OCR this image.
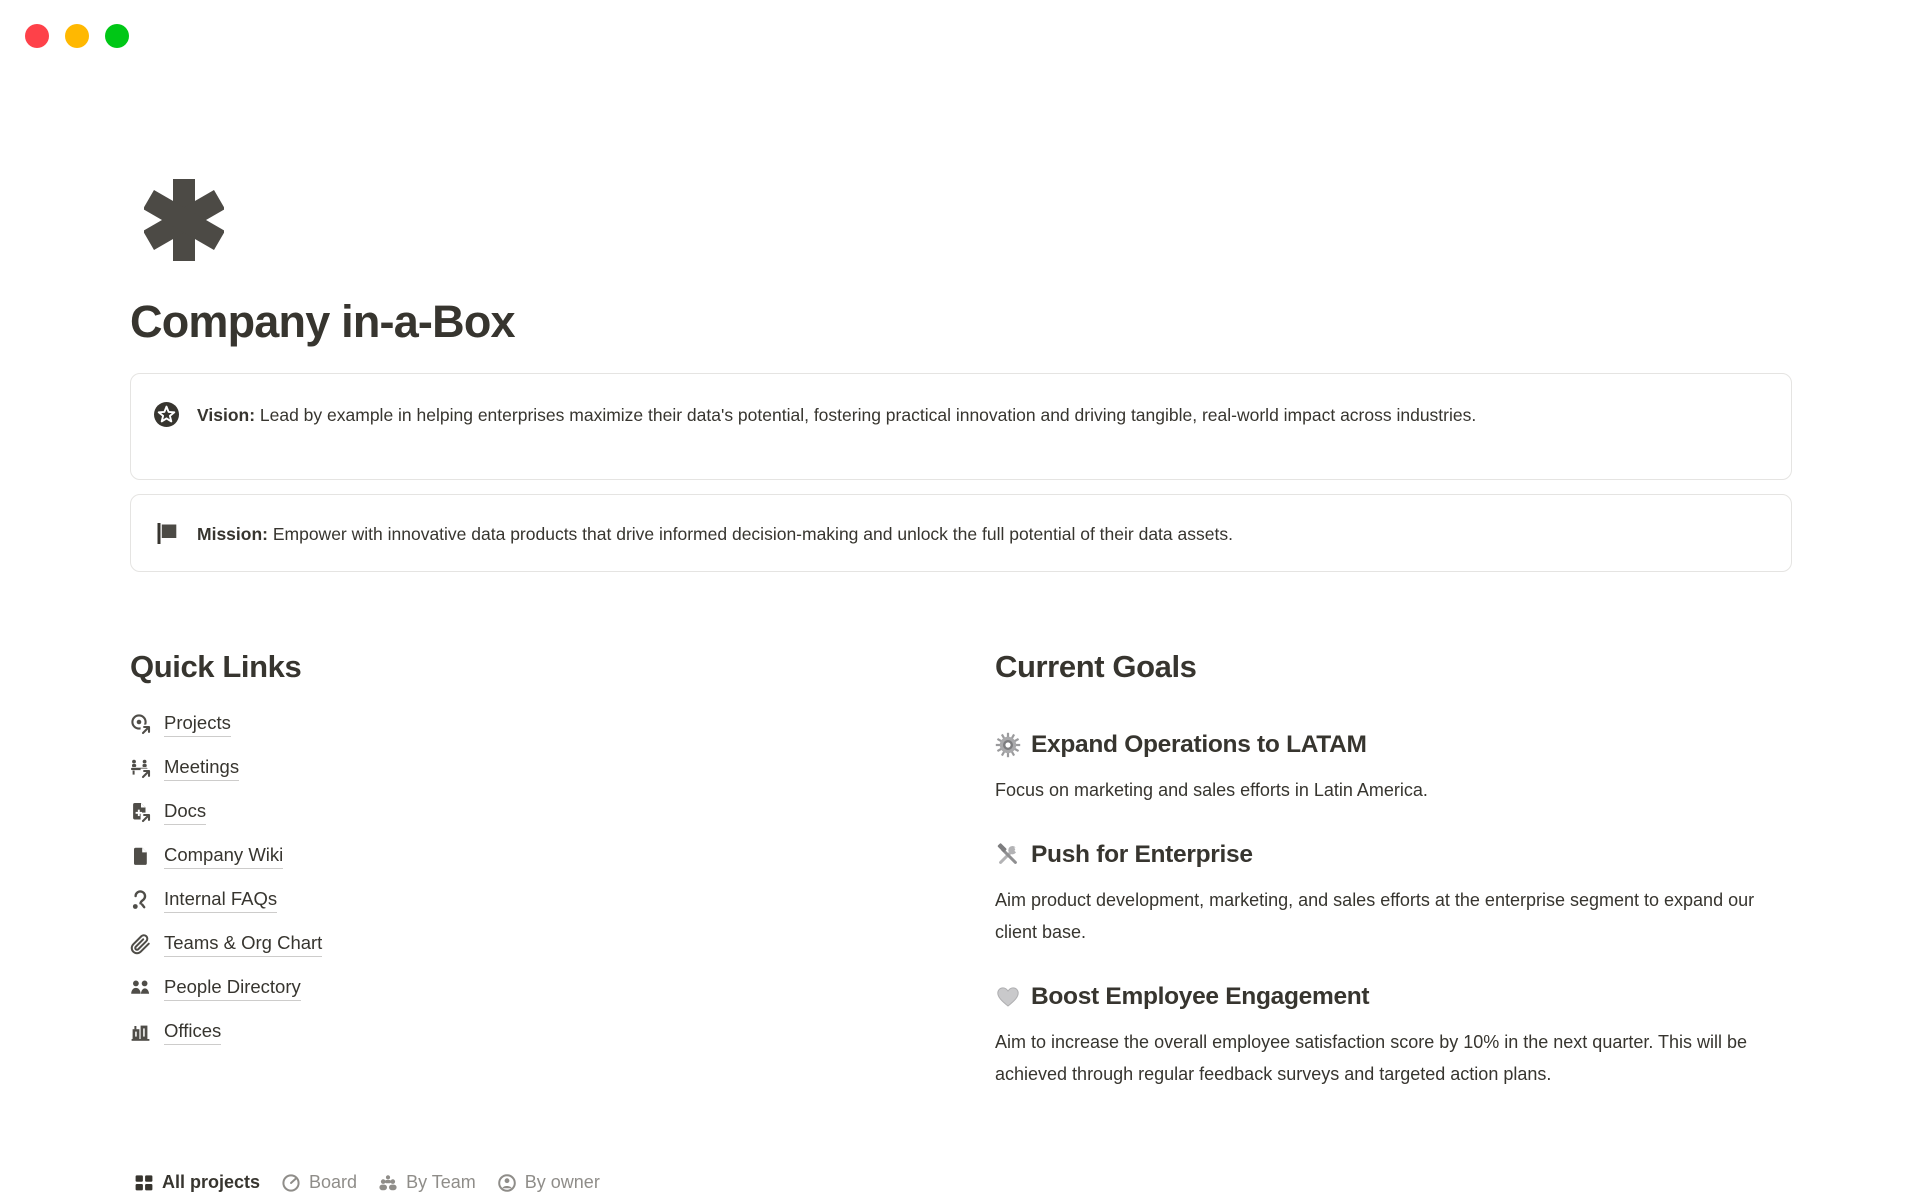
Company in-a-Box
Vision: Lead by example in helping enterprises maximize their data's potential, fostering practical innovation and driving tangible, real-world impact across industries.
Mission: Empower with innovative data products that drive informed decision-making and unlock the full potential of their data assets.
Quick Links
Projects
Meetings
Docs
Company Wiki
Internal FAQs
Teams & Org Chart
People Directory
Offices
Current Goals
Expand Operations to LATAM

Focus on marketing and sales efforts in Latin America.

Push for Enterprise

Aim product development, marketing, and sales efforts at the enterprise segment to expand our client base.

Boost Employee Engagement

Aim to increase the overall employee satisfaction score by 10% in the next quarter. This will be achieved through regular feedback surveys and targeted action plans.

All projects	Board	By Team	By owner
